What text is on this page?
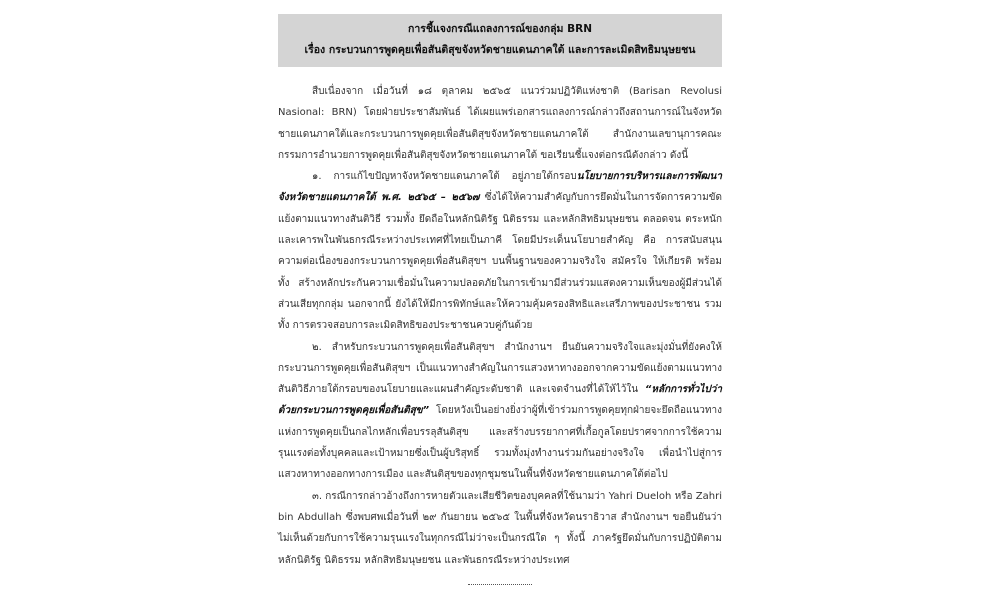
การชี้แจงกรณีแถลงการณ์ของกลุ่ม BRN
เรื่อง กระบวนการพูดคุยเพื่อสันติสุขจังหวัดชายแดนภาคใต้ และการละเมิดสิทธิมนุษยชน

สืบเนื่องจาก เมื่อวันที่ ๑๘ ตุลาคม ๒๕๖๕ แนวร่วมปฏิวัติแห่งชาติ (Barisan Revolusi Nasional: BRN) โดยฝ่ายประชาสัมพันธ์ ได้เผยแพร่เอกสารแถลงการณ์กล่าวถึงสถานการณ์ในจังหวัดชายแดนภาคใต้และกระบวนการพูดคุยเพื่อสันติสุขจังหวัดชายแดนภาคใต้ สำนักงานเลขานุการคณะกรรมการอำนวยการพูดคุยเพื่อสันติสุขจังหวัดชายแดนภาคใต้ ขอเรียนชี้แจงต่อกรณีดังกล่าว ดังนี้

๑. การแก้ไขปัญหาจังหวัดชายแดนภาคใต้ อยู่ภายใต้กรอบนโยบายการบริหารและการพัฒนาจังหวัดชายแดนภาคใต้ พ.ศ. ๒๕๖๕ – ๒๕๖๗ ซึ่งได้ให้ความสำคัญกับการยึดมั่นในการจัดการความขัดแย้งตามแนวทางสันติวิธี รวมทั้ง ยึดถือในหลักนิติรัฐ นิติธรรม และหลักสิทธิมนุษยชน ตลอดจน ตระหนักและเคารพในพันธกรณีระหว่างประเทศที่ไทยเป็นภาคี โดยมีประเด็นนโยบายสำคัญ คือ การสนับสนุนความต่อเนื่องของกระบวนการพูดคุยเพื่อสันติสุขฯ บนพื้นฐานของความจริงใจ สมัครใจ ให้เกียรติ พร้อมทั้ง สร้างหลักประกันความเชื่อมั่นในความปลอดภัยในการเข้ามามีส่วนร่วมแสดงความเห็นของผู้มีส่วนได้ส่วนเสียทุกกลุ่ม นอกจากนี้ ยังได้ให้มีการพิทักษ์และให้ความคุ้มครองสิทธิและเสรีภาพของประชาชน รวมทั้ง การตรวจสอบการละเมิดสิทธิของประชาชนควบคู่กันด้วย

๒. สำหรับกระบวนการพูดคุยเพื่อสันติสุขฯ สำนักงานฯ ยืนยันความจริงใจและมุ่งมั่นที่ยังคงให้กระบวนการพูดคุยเพื่อสันติสุขฯ เป็นแนวทางสำคัญในการแสวงหาทางออกจากความขัดแย้งตามแนวทางสันติวิธีภายใต้กรอบของนโยบายและแผนสำคัญระดับชาติ และเจตจำนงที่ได้ให้ไว้ใน “หลักการทั่วไปว่าด้วยกระบวนการพูดคุยเพื่อสันติสุข” โดยหวังเป็นอย่างยิ่งว่าผู้ที่เข้าร่วมการพูดคุยทุกฝ่ายจะยึดถือแนวทางแห่งการพูดคุยเป็นกลไกหลักเพื่อบรรลุสันติสุข และสร้างบรรยากาศที่เกื้อกูลโดยปราศจากการใช้ความรุนแรงต่อทั้งบุคคลและเป้าหมายซึ่งเป็นผู้บริสุทธิ์ รวมทั้งมุ่งทำงานร่วมกันอย่างจริงใจ เพื่อนำไปสู่การแสวงหาทางออกทางการเมือง และสันติสุขของทุกชุมชนในพื้นที่จังหวัดชายแดนภาคใต้ต่อไป

๓. กรณีการกล่าวอ้างถึงการหายตัวและเสียชีวิตของบุคคลที่ใช้นามว่า Yahri Dueloh หรือ Zahri bin Abdullah ซึ่งพบศพเมื่อวันที่ ๒๙ กันยายน ๒๕๖๕ ในพื้นที่จังหวัดนราธิวาส สำนักงานฯ ขอยืนยันว่าไม่เห็นด้วยกับการใช้ความรุนแรงในทุกกรณีไม่ว่าจะเป็นกรณีใด ๆ ทั้งนี้ ภาครัฐยึดมั่นกับการปฏิบัติตามหลักนิติรัฐ นิติธรรม หลักสิทธิมนุษยชน และพันธกรณีระหว่างประเทศ
